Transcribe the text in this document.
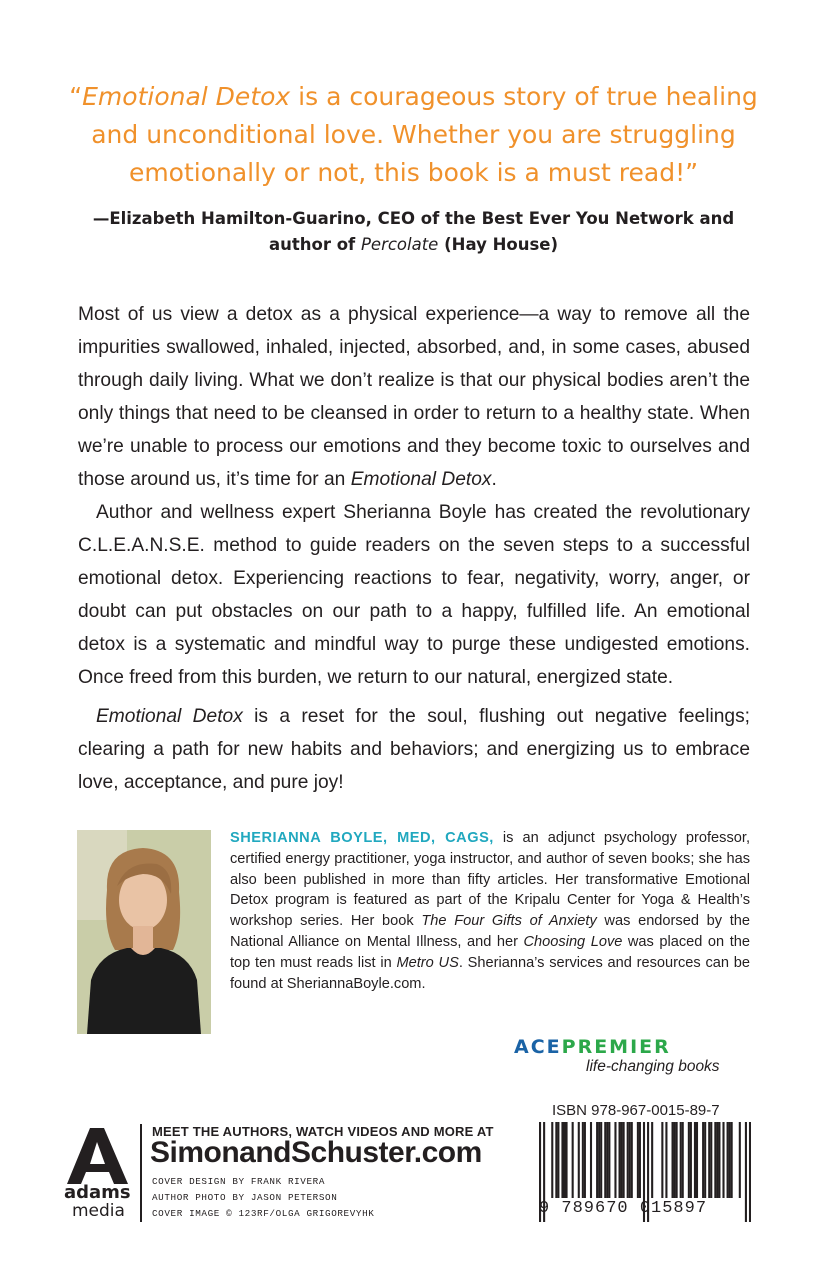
“Emotional Detox is a courageous story of true healing and unconditional love. Whether you are struggling emotionally or not, this book is a must read!”

—Elizabeth Hamilton-Guarino, CEO of the Best Ever You Network and author of Percolate (Hay House)

Most of us view a detox as a physical experience—a way to remove all the impurities swallowed, inhaled, injected, absorbed, and, in some cases, abused through daily living. What we don’t realize is that our physical bodies aren’t the only things that need to be cleansed in order to return to a healthy state. When we’re unable to process our emotions and they become toxic to ourselves and those around us, it’s time for an Emotional Detox.

Author and wellness expert Sherianna Boyle has created the revolutionary C.L.E.A.N.S.E. method to guide readers on the seven steps to a successful emotional detox. Experiencing reactions to fear, negativity, worry, anger, or doubt can put obstacles on our path to a happy, fulfilled life. An emotional detox is a systematic and mindful way to purge these undigested emotions. Once freed from this burden, we return to our natural, energized state.

Emotional Detox is a reset for the soul, flushing out negative feelings; clearing a path for new habits and behaviors; and energizing us to embrace love, acceptance, and pure joy!

SHERIANNA BOYLE, MED, CAGS, is an adjunct psychology professor, certified energy practitioner, yoga instructor, and author of seven books; she has also been published in more than fifty articles. Her transformative Emotional Detox program is featured as part of the Kripalu Center for Yoga & Health’s workshop series. Her book The Four Gifts of Anxiety was endorsed by the National Alliance on Mental Illness, and her Choosing Love was placed on the top ten must reads list in Metro US. Sherianna’s services and resources can be found at SheriannaBoyle.com.

ACEPREMIER
life-changing books
adams
media
MEET THE AUTHORS, WATCH VIDEOS AND MORE AT
SimonandSchuster.com
COVER DESIGN BY FRANK RIVERA
AUTHOR PHOTO BY JASON PETERSON
COVER IMAGE © 123RF/OLGA GRIGOREVYHK
ISBN 978-967-0015-89-7
9 789670 015897
